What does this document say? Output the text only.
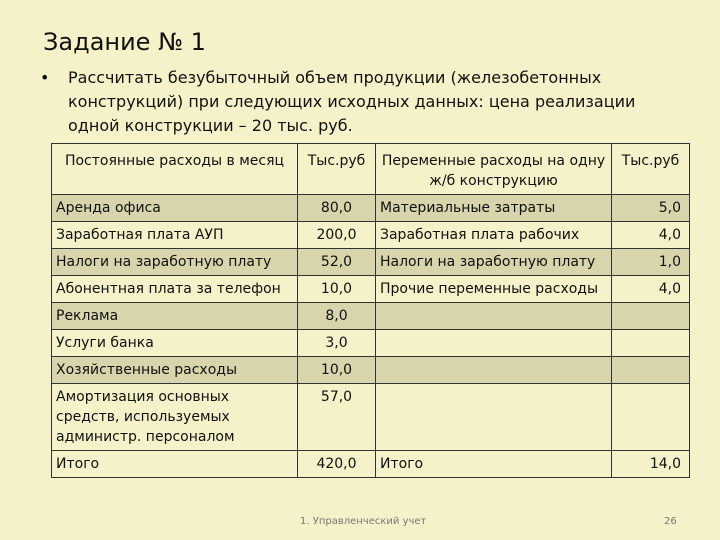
Задание № 1
• Рассчитать безубыточный объем продукции (железобетонных конструкций) при следующих исходных данных: цена реализации одной конструкции – 20 тыс. руб.
Постоянные расходы в месяц	Тыс.руб	Переменные расходы на одну ж/б конструкцию	Тыс.руб
Аренда офиса	80,0	Материальные затраты	5,0
Заработная плата АУП	200,0	Заработная плата рабочих	4,0
Налоги на заработную плату	52,0	Налоги на заработную плату	1,0
Абонентная плата за телефон	10,0	Прочие переменные расходы	4,0
Реклама	8,0		
Услуги банка	3,0		
Хозяйственные расходы	10,0		
Амортизация основных средств, используемых администр. персоналом	57,0		
Итого	420,0	Итого	14,0
1. Управленческий учет	26
